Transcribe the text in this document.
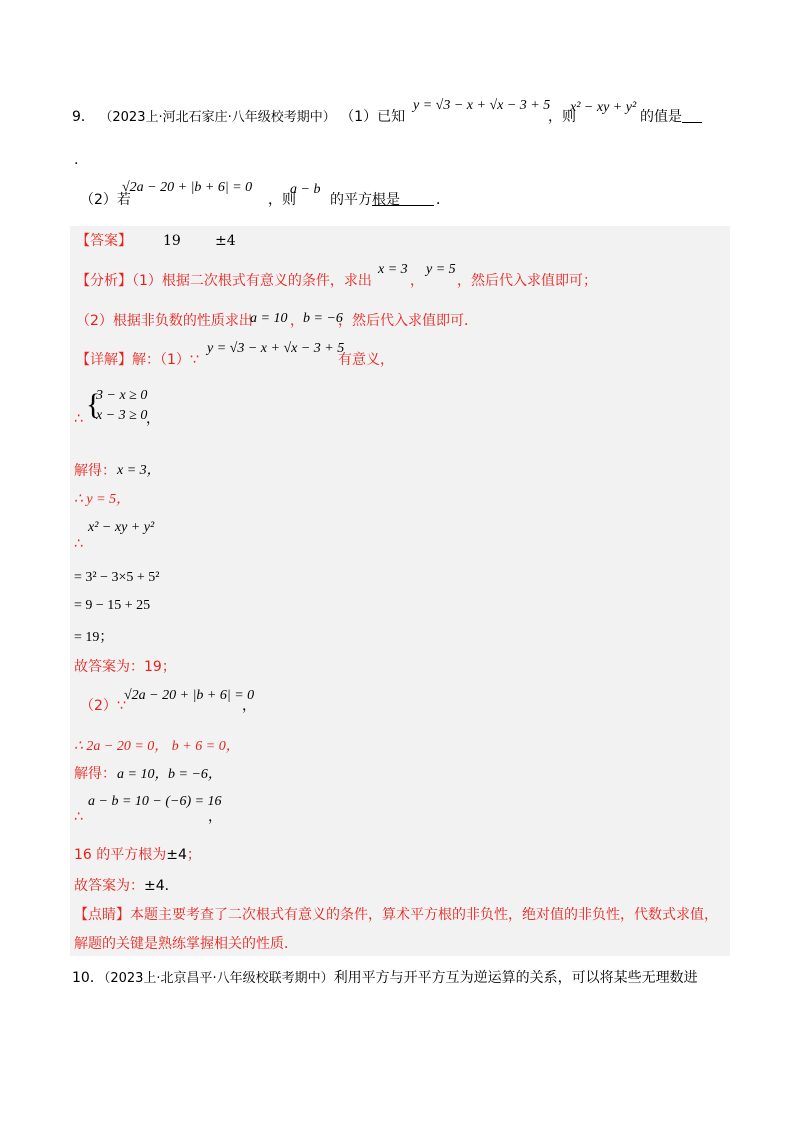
9． （2023上·河北石家庄·八年级校考期中） （1）已知
y = √3 − x + √x − 3 + 5
，则
x² − xy + y²
的值是
.
（2）若
√2a − 20 + |b + 6| = 0
，则
a − b
的平方根是	．
【答案】 19 ±4
【分析】（1）根据二次根式有意义的条件，求出
x = 3
，
y = 5
，然后代入求值即可；
（2）根据非负数的性质求出
a = 10 ， b = −6
，然后代入求值即可．
【详解】解：（1）∵
y = √3 − x + √x − 3 + 5
有意义，
∴ {
3 − x ≥ 0
x − 3 ≥ 0
，
解得： x = 3，
∴ y = 5，
∴
x² − xy + y²
= 3² − 3×5 + 5²
= 9 − 15 + 25
= 19；
故答案为：19；
（2）∵
√2a − 20 + |b + 6| = 0
，
∴ 2a − 20 = 0， b + 6 = 0，
解得： a = 10， b = −6，
∴
a − b = 10 − (−6) = 16
，
16 的平方根为±4；
故答案为：±4．
【点睛】本题主要考查了二次根式有意义的条件，算术平方根的非负性，绝对值的非负性，代数式求值，
解题的关键是熟练掌握相关的性质．
10．（2023上·北京昌平·八年级校联考期中）利用平方与开平方互为逆运算的关系，可以将某些无理数进
